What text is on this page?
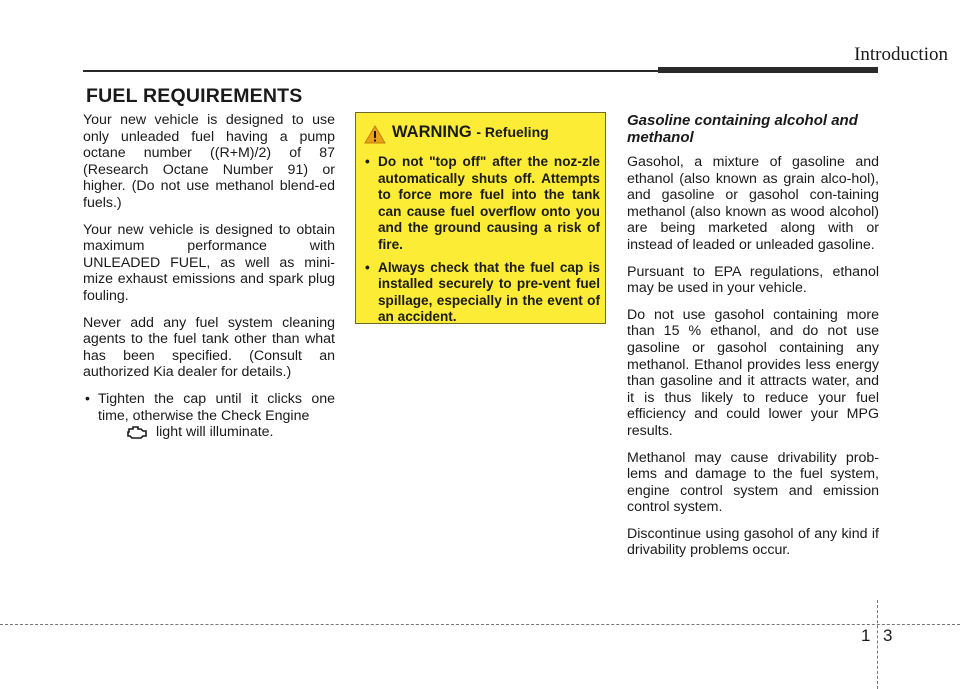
Introduction
FUEL REQUIREMENTS

Your new vehicle is designed to use only unleaded fuel having a pump octane number ((R+M)/2) of 87 (Research Octane Number 91) or higher. (Do not use methanol blend-ed fuels.)

Your new vehicle is designed to obtain maximum performance with UNLEADED FUEL, as well as mini-mize exhaust emissions and spark plug fouling.

Never add any fuel system cleaning agents to the fuel tank other than what has been specified. (Consult an authorized Kia dealer for details.)

• Tighten the cap until it clicks one time, otherwise the Check Engine
light will illuminate.
WARNING - Refueling
• Do not "top off" after the noz-zle automatically shuts off. Attempts to force more fuel into the tank can cause fuel overflow onto you and the ground causing a risk of fire.
• Always check that the fuel cap is installed securely to pre-vent fuel spillage, especially in the event of an accident.
Gasoline containing alcohol and methanol

Gasohol, a mixture of gasoline and ethanol (also known as grain alco-hol), and gasoline or gasohol con-taining methanol (also known as wood alcohol) are being marketed along with or instead of leaded or unleaded gasoline.

Pursuant to EPA regulations, ethanol may be used in your vehicle.

Do not use gasohol containing more than 15 % ethanol, and do not use gasoline or gasohol containing any methanol. Ethanol provides less energy than gasoline and it attracts water, and it is thus likely to reduce your fuel efficiency and could lower your MPG results.

Methanol may cause drivability prob-lems and damage to the fuel system, engine control system and emission control system.

Discontinue using gasohol of any kind if drivability problems occur.

1 3
